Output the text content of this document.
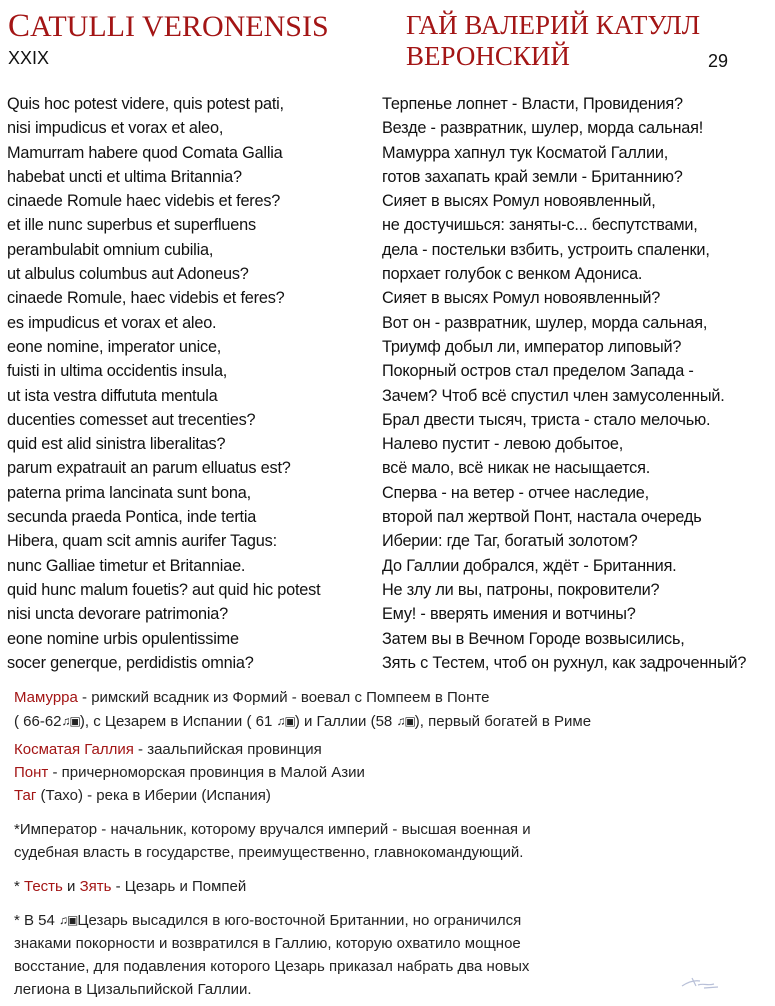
CATULLI VERONENSIS
XXIX
ГАЙ ВАЛЕРИЙ КАТУЛЛ
ВЕРОНСКИЙ	29
Quis hoc potest videre, quis potest pati,
nisi impudicus et vorax et aleo,
Mamurram habere quod Comata Gallia
habebat uncti et ultima Britannia?
cinaede Romule haec videbis et feres?
et ille nunc superbus et superfluens
perambulabit omnium cubilia,
ut albulus columbus aut Adoneus?
cinaede Romule, haec videbis et feres?
es impudicus et vorax et aleo.
eone nomine, imperator unice,
fuisti in ultima occidentis insula,
ut ista vestra diffututa mentula
ducenties comesset aut trecenties?
quid est alid sinistra liberalitas?
parum expatrauit an parum elluatus est?
paterna prima lancinata sunt bona,
secunda praeda Pontica, inde tertia
Hibera, quam scit amnis aurifer Tagus:
nunc Galliae timetur et Britanniae.
quid hunc malum fouetis? aut quid hic potest
nisi uncta devorare patrimonia?
eone nomine urbis opulentissime
socer generque, perdidistis omnia?
Терпенье лопнет - Власти, Провидения?
Везде - развратник, шулер, морда сальная!
Мамурра хапнул тук Косматой Галлии,
готов захапать край земли - Британнию?
Сияет в высях Ромул новоявленный,
не достучишься: заняты-с... беспутствами,
дела - постельки взбить, устроить спаленки,
порхает голубок с венком Адониса.
Сияет в высях Ромул новоявленный?
Вот он - развратник, шулер, морда сальная,
Триумф добыл ли, император липовый?
Покорный остров стал пределом Запада -
Зачем? Чтоб всё спустил член замусоленный.
Брал двести тысяч, триста - стало мелочью.
Налево пустит - левою добытое,
всё мало, всё никак не насыщается.
Сперва - на ветер - отчее наследие,
второй пал жертвой Понт, настала очередь
Иберии: где Таг, богатый золотом?
До Галлии добрался, ждёт - Британния.
Не злу ли вы, патроны, покровители?
Ему! - вверять имения и вотчины?
Затем вы в Вечном Городе возвысились,
Зять с Тестем, чтоб он рухнул, как задроченный?
Мамурра - римский всадник из Формий - воевал с Помпеем в Понте
( 66-62♫▣), с Цезарем в Испании ( 61 ♫▣) и Галлии (58 ♫▣), первый богатей в Риме
Косматая Галлия - заальпийская провинция
Понт - причерноморская провинция в Малой Азии
Таг (Тахо) - река в Иберии (Испания)
*Император - начальник, которому вручался империй - высшая военная и
судебная власть в государстве, преимущественно, главнокомандующий.
* Тесть и Зять - Цезарь и Помпей
* В 54 ♫▣Цезарь высадился в юго-восточной Британнии, но ограничился
знаками покорности и возвратился в Галлию, которую охватило мощное
восстание, для подавления которого Цезарь приказал набрать два новых
легиона в Цизальпийской Галлии.
